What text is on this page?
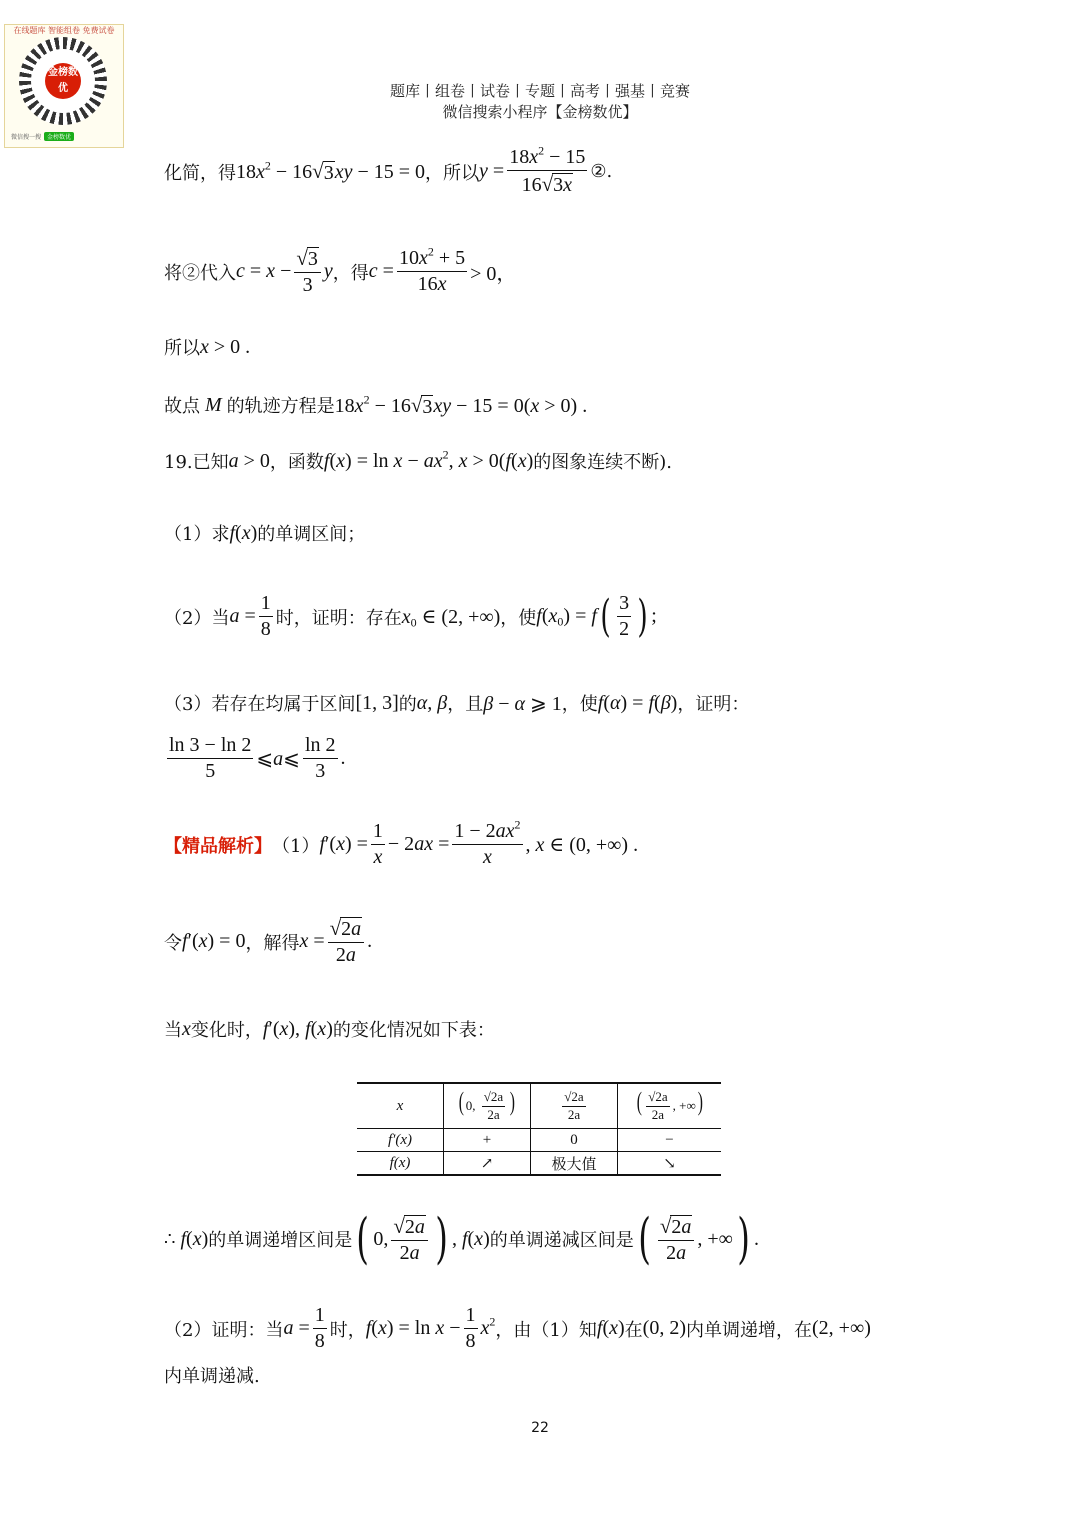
在线题库 智能组卷 免费试卷
金榜数优
微信搜一搜	金榜数优
题库丨组卷丨试卷丨专题丨高考丨强基丨竞赛
微信搜索小程序【金榜数优】
化简，得 $18x^2 - 16$ √ 3 xy − 15 = 0 ，所以 $y = \frac{18x^2 - 15}{16 √ 3x}$ ②.
将②代入 $c = x - \frac{√ 3}{3}$ y ，得 $c = \frac{10x^2 + 5}{16x} > 0$，
所以 x > 0 .
故点 M 的轨迹方程是 $18x^2 - 16$ √ 3 xy − 15 = 0(x > 0) .
19.已知 a > 0 ，函数 $f(x) = \ln x - ax^2$, x > 0(f(x) 的图象连续不断).
（1）求 f(x) 的单调区间；
（2）当 $a = \frac{1}{8}$ 时，证明：存在 $x_0$ ∈ (2, +∞) ，使 $f(x_0) = f$ ( $\frac{3}{2}$ ) ;
（3）若存在均属于区间 [1, 3] 的 α, β ，且 β − α ⩾ 1 ，使 f(α) = f(β) ，证明：
$\frac{\ln 3 - \ln 2}{5}$ ⩽a⩽ $\frac{\ln 2}{3}$ .
【精品解析】 （1） $f'(x) = \frac{1}{x} - 2ax = \frac{1 - 2ax^2}{x}$ , x ∈ (0, +∞) .
令 f′(x) = 0 ，解得 $x = \frac{√ 2a}{2a}$ .
当 x 变化时， f′(x), f(x) 的变化情况如下表：
x	( 0, $\frac{√2a}{2a}$ )	$\frac{√2a}{2a}$	( $\frac{√2a}{2a}$ , +∞)
f′(x)	+	0	−
f(x)	↗	极大值	↘
∴ f(x) 的单调递增区间是 ( 0, $\frac{√ 2a}{2a}$ ) , f(x) 的单调递减区间是 ( $\frac{√ 2a}{2a}$ , +∞ ) .
（2）证明：当 $a = \frac{1}{8}$ 时， $f(x) = \ln x - \frac{1}{8} x^2$ ，由（1）知 f(x) 在 (0, 2) 内单调递增，在 (2, +∞)
内单调递减.
22
